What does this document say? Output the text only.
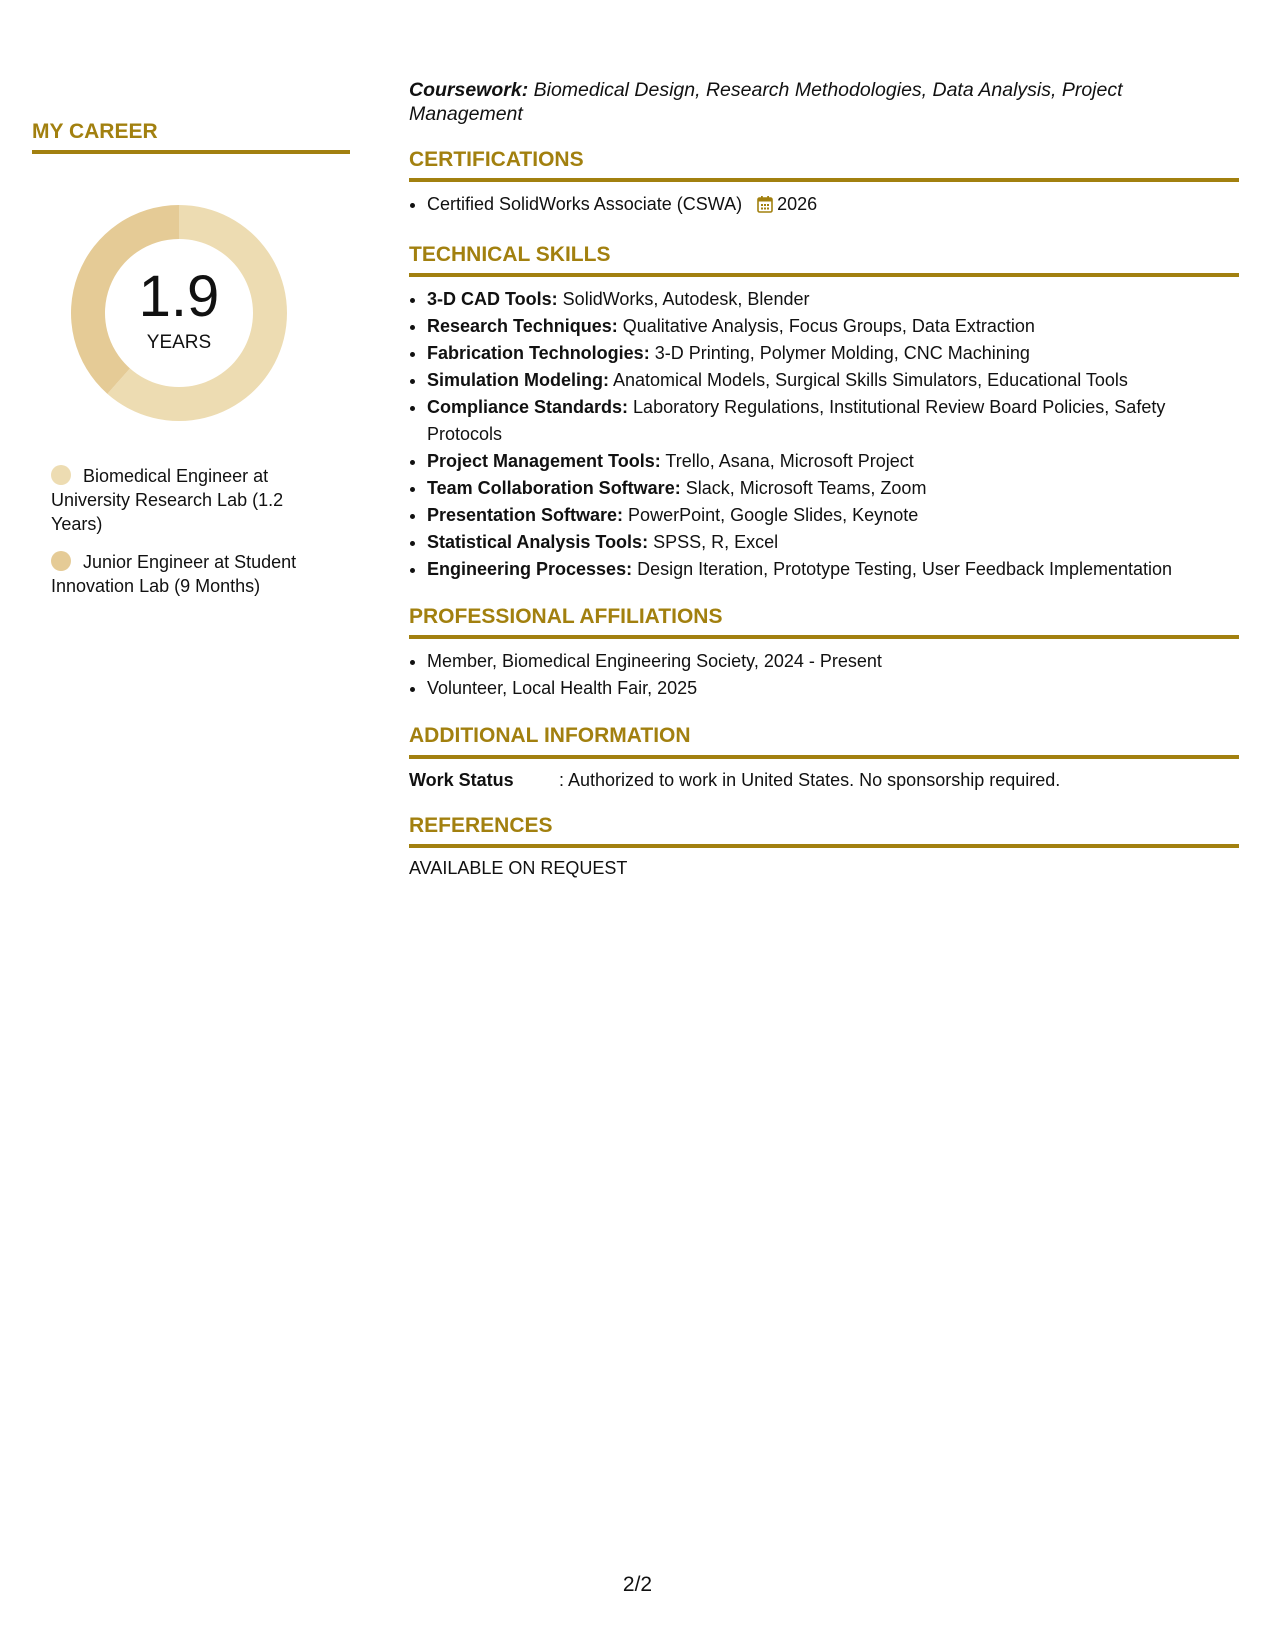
MY CAREER
1.9
YEARS
Biomedical Engineer at University Research Lab (1.2 Years)
Junior Engineer at Student Innovation Lab (9 Months)
Coursework: Biomedical Design, Research Methodologies, Data Analysis, Project Management
CERTIFICATIONS
• Certified SolidWorks Associate (CSWA) 2026
TECHNICAL SKILLS
• 3-D CAD Tools: SolidWorks, Autodesk, Blender
• Research Techniques: Qualitative Analysis, Focus Groups, Data Extraction
• Fabrication Technologies: 3-D Printing, Polymer Molding, CNC Machining
• Simulation Modeling: Anatomical Models, Surgical Skills Simulators, Educational Tools
• Compliance Standards: Laboratory Regulations, Institutional Review Board Policies, Safety Protocols
• Project Management Tools: Trello, Asana, Microsoft Project
• Team Collaboration Software: Slack, Microsoft Teams, Zoom
• Presentation Software: PowerPoint, Google Slides, Keynote
• Statistical Analysis Tools: SPSS, R, Excel
• Engineering Processes: Design Iteration, Prototype Testing, User Feedback Implementation
PROFESSIONAL AFFILIATIONS
• Member, Biomedical Engineering Society, 2024 - Present
• Volunteer, Local Health Fair, 2025
ADDITIONAL INFORMATION
Work Status	: Authorized to work in United States. No sponsorship required.
REFERENCES
AVAILABLE ON REQUEST
2/2
